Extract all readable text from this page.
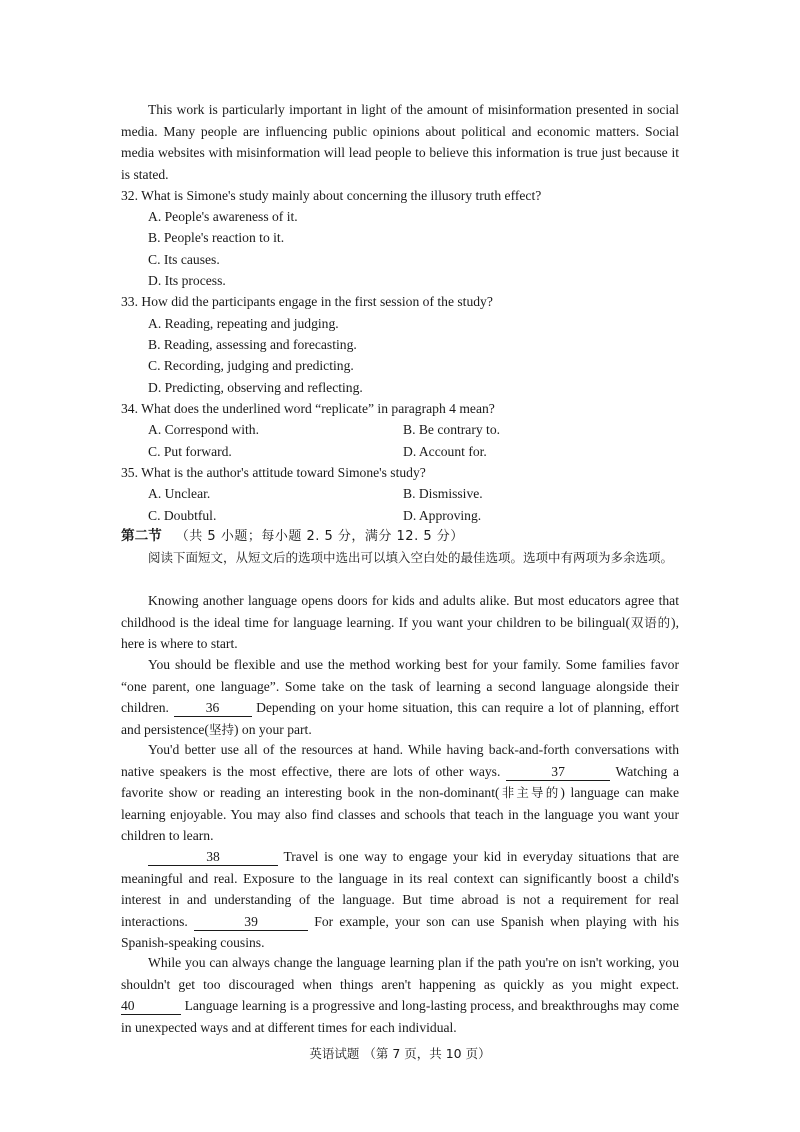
This work is particularly important in light of the amount of misinformation presented in social media. Many people are influencing public opinions about political and economic matters. Social media websites with misinformation will lead people to believe this information is true just because it is stated.

32. What is Simone's study mainly about concerning the illusory truth effect?

A. People's awareness of it.

B. People's reaction to it.

C. Its causes.

D. Its process.

33. How did the participants engage in the first session of the study?

A. Reading, repeating and judging.

B. Reading, assessing and forecasting.

C. Recording, judging and predicting.

D. Predicting, observing and reflecting.

34. What does the underlined word “replicate” in paragraph 4 mean?

A. Correspond with.	B. Be contrary to.

C. Put forward.	D. Account for.

35. What is the author's attitude toward Simone's study?

A. Unclear.	B. Dismissive.

C. Doubtful.	D. Approving.

第二节 （共 5 小题；每小题 2. 5 分，满分 12. 5 分）

阅读下面短文，从短文后的选项中选出可以填入空白处的最佳选项。选项中有两项为多余选项。

Knowing another language opens doors for kids and adults alike. But most educators agree that childhood is the ideal time for language learning. If you want your children to be bilingual(双语的), here is where to start.

You should be flexible and use the method working best for your family. Some families favor “one parent, one language”. Some take on the task of learning a second language alongside their children.	36	Depending on your home situation, this can require a lot of planning, effort and persistence(坚持) on your part.

You'd better use all of the resources at hand. While having back-and-forth conversations with native speakers is the most effective, there are lots of other ways.	37	Watching a favorite show or reading an interesting book in the non-dominant(非主导的) language can make learning enjoyable. You may also find classes and schools that teach in the language you want your children to learn.

38	Travel is one way to engage your kid in everyday situations that are meaningful and real. Exposure to the language in its real context can significantly boost a child's interest in and understanding of the language. But time abroad is not a requirement for real interactions.	39	For example, your son can use Spanish when playing with his Spanish-speaking cousins.

While you can always change the language learning plan if the path you're on isn't working, you shouldn't get too discouraged when things aren't happening as quickly as you might expect. 40	Language learning is a progressive and long-lasting process, and breakthroughs may come in unexpected ways and at different times for each individual.

英语试题 （第 7 页，共 10 页）
